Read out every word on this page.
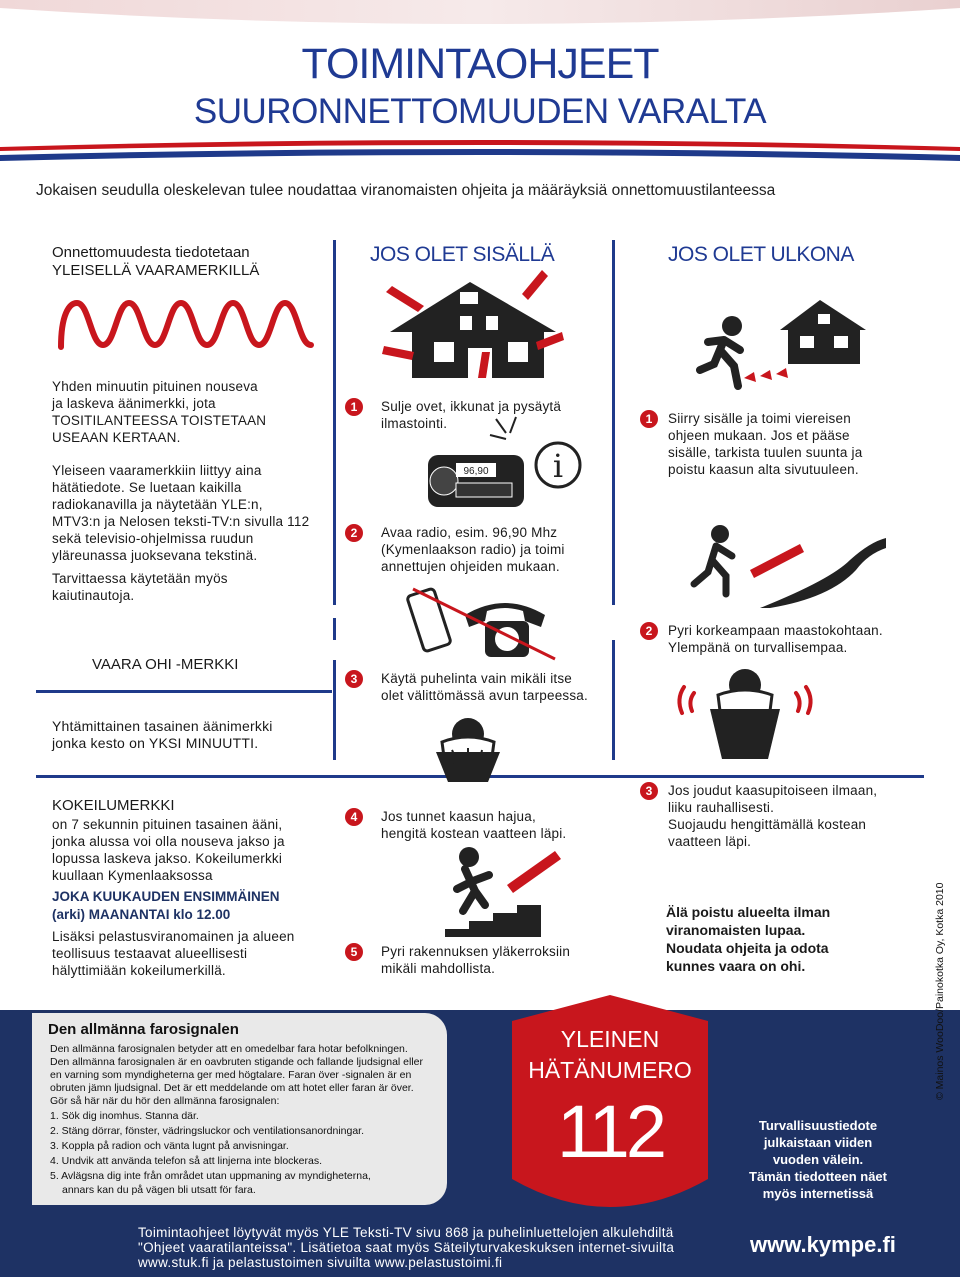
TOIMINTAOHJEET
SUURONNETTOMUUDEN VARALTA
Jokaisen seudulla oleskelevan tulee noudattaa viranomaisten ohjeita ja määräyksiä onnettomuustilanteessa
Onnettomuudesta tiedotetaan
YLEISELLÄ VAARAMERKILLÄ
Yhden minuutin pituinen nouseva
ja laskeva äänimerkki, jota
TOSITILANTEESSA TOISTETAAN
USEAAN KERTAAN.
Yleiseen vaaramerkkiin liittyy aina
hätätiedote. Se luetaan kaikilla
radiokanavilla ja näytetään YLE:n,
MTV3:n ja Nelosen teksti-TV:n sivulla 112
sekä televisio-ohjelmissa ruudun
yläreunassa juoksevana tekstinä.
Tarvittaessa käytetään myös
kaiutinautoja.
VAARA OHI -MERKKI
Yhtämittainen tasainen äänimerkki
jonka kesto on YKSI MINUUTTI.
KOKEILUMERKKI
on 7 sekunnin pituinen tasainen ääni,
jonka alussa voi olla nouseva jakso ja
lopussa laskeva jakso. Kokeilumerkki
kuullaan Kymenlaaksossa
JOKA KUUKAUDEN ENSIMMÄINEN
(arki) MAANANTAI klo 12.00
Lisäksi pelastusviranomainen ja alueen
teollisuus testaavat alueellisesti
hälyttimiään kokeilumerkillä.
JOS OLET SISÄLLÄ
1	Sulje ovet, ikkunat ja pysäytä
ilmastointi.
96,90 i
2	Avaa radio, esim. 96,90 Mhz
(Kymenlaakson radio) ja toimi
annettujen ohjeiden mukaan.
3	Käytä puhelinta vain mikäli itse
olet välittömässä avun tarpeessa.
4	Jos tunnet kaasun hajua,
hengitä kostean vaatteen läpi.
5	Pyri rakennuksen yläkerroksiin
mikäli mahdollista.
JOS OLET ULKONA
1	Siirry sisälle ja toimi viereisen
ohjeen mukaan. Jos et pääse
sisälle, tarkista tuulen suunta ja
poistu kaasun alta sivutuuleen.
2	Pyri korkeampaan maastokohtaan.
Ylempänä on turvallisempaa.
3	Jos joudut kaasupitoiseen ilmaan,
liiku rauhallisesti.
Suojaudu hengittämällä kostean
vaatteen läpi.
Älä poistu alueelta ilman
viranomaisten lupaa.
Noudata ohjeita ja odota
kunnes vaara on ohi.
Den allmänna farosignalen
Den allmänna farosignalen betyder att en omedelbar fara hotar befolkningen.
Den allmänna farosignalen är en oavbruten stigande och fallande ljudsignal eller
en varning som myndigheterna ger med högtalare. Faran över -signalen är en
obruten jämn ljudsignal. Det är ett meddelande om att hotet eller faran är över.
Gör så här när du hör den allmänna farosignalen:
1. Sök dig inomhus. Stanna där.
2. Stäng dörrar, fönster, vädringsluckor och ventilationsanordningar.
3. Koppla på radion och vänta lugnt på anvisningar.
4. Undvik att använda telefon så att linjerna inte blockeras.
5. Avlägsna dig inte från området utan uppmaning av myndigheterna,
annars kan du på vägen bli utsatt för fara.
YLEINEN
HÄTÄNUMERO
112	Turvallisuustiedote
julkaistaan viiden
vuoden välein.
Tämän tiedotteen näet
myös internetissä
Toimintaohjeet löytyvät myös YLE Teksti-TV sivu 868 ja puhelinluettelojen alkulehdiltä
"Ohjeet vaaratilanteissa". Lisätietoa saat myös Säteilyturvakeskuksen internet-sivuilta
www.stuk.fi ja pelastustoimen sivuilta www.pelastustoimi.fi
www.kympe.fi
© Mainos WooDoo/Painokotka Oy, Kotka 2010
